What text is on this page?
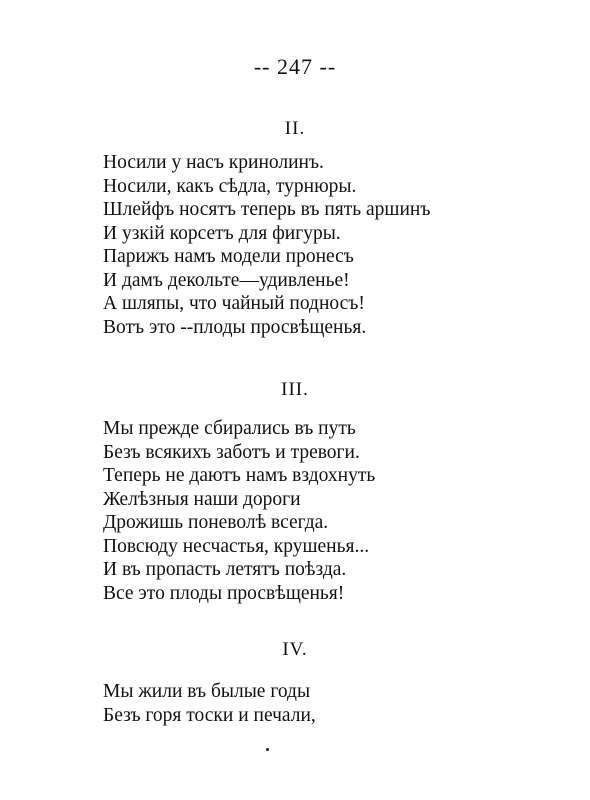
-- 247 --
II.
Носили у насъ кринолинъ.
Носили, какъ сѣдла, турнюры.
Шлейфъ носятъ теперь въ пять аршинъ
И узкій корсетъ для фигуры.
Парижъ намъ модели пронесъ
И дамъ декольте—удивленье!
А шляпы, что чайный подносъ!
Вотъ это --плоды просвѣщенья.
III.
Мы прежде сбирались въ путь
Безъ всякихъ заботъ и тревоги.
Теперь не даютъ намъ вздохнуть
Желѣзныя наши дороги
Дрожишь поневолѣ всегда.
Повсюду несчастья, крушенья...
И въ пропасть летятъ поѣзда.
Все это плоды просвѣщенья!
IV.
Мы жили въ былые годы
Безъ горя тоски и печали,
